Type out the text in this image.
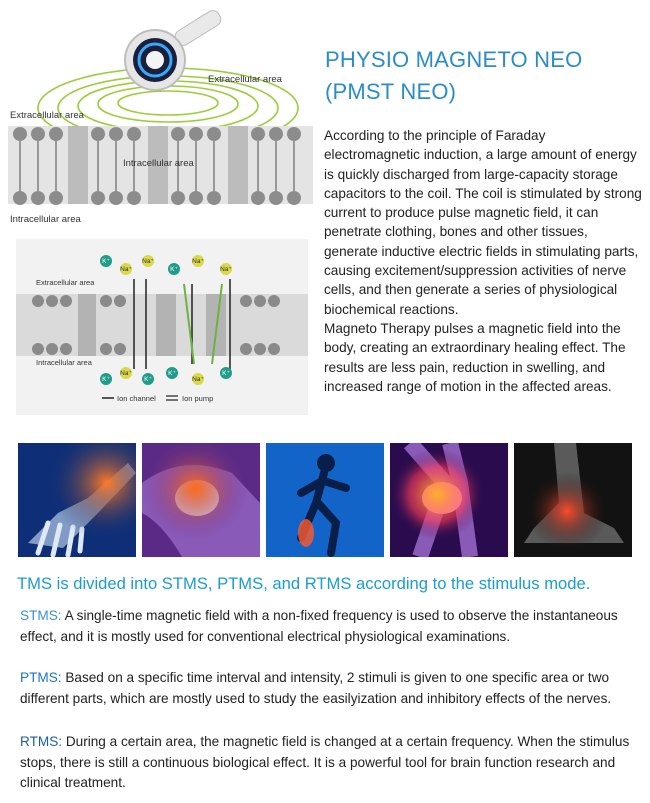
PHYSIO MAGNETO NEO
(PMST NEO)

According to the principle of Faraday electromagnetic induction, a large amount of energy is quickly discharged from large-capacity storage capacitors to the coil. The coil is stimulated by strong current to produce pulse magnetic field, it can penetrate clothing, bones and other tissues, generate inductive electric fields in stimulating parts, causing excitement/suppression activities of nerve cells, and then generate a series of physiological biochemical reactions.

Magneto Therapy pulses a magnetic field into the body, creating an extraordinary healing effect. The results are less pain, reduction in swelling, and increased range of motion in the affected areas.

Extracellular area
Extracellular area
Intracellular area
Intracellular area
K⁺
Na⁺
Na⁺
K⁺
Na⁺
Na⁺
K⁺
Na⁺
K⁺
K⁺
Na⁺
K⁺
Extracellular area
Intracellular area
Ion channel	Ion pump
TMS is divided into STMS, PTMS, and RTMS according to the stimulus mode.
STMS: A single-time magnetic field with a non-fixed frequency is used to observe the instantaneous effect, and it is mostly used for conventional electrical physiological examinations.
PTMS: Based on a specific time interval and intensity, 2 stimuli is given to one specific area or two different parts, which are mostly used to study the easilyization and inhibitory effects of the nerves.
RTMS: During a certain area, the magnetic field is changed at a certain frequency. When the stimulus stops, there is still a continuous biological effect. It is a powerful tool for brain function research and clinical treatment.
